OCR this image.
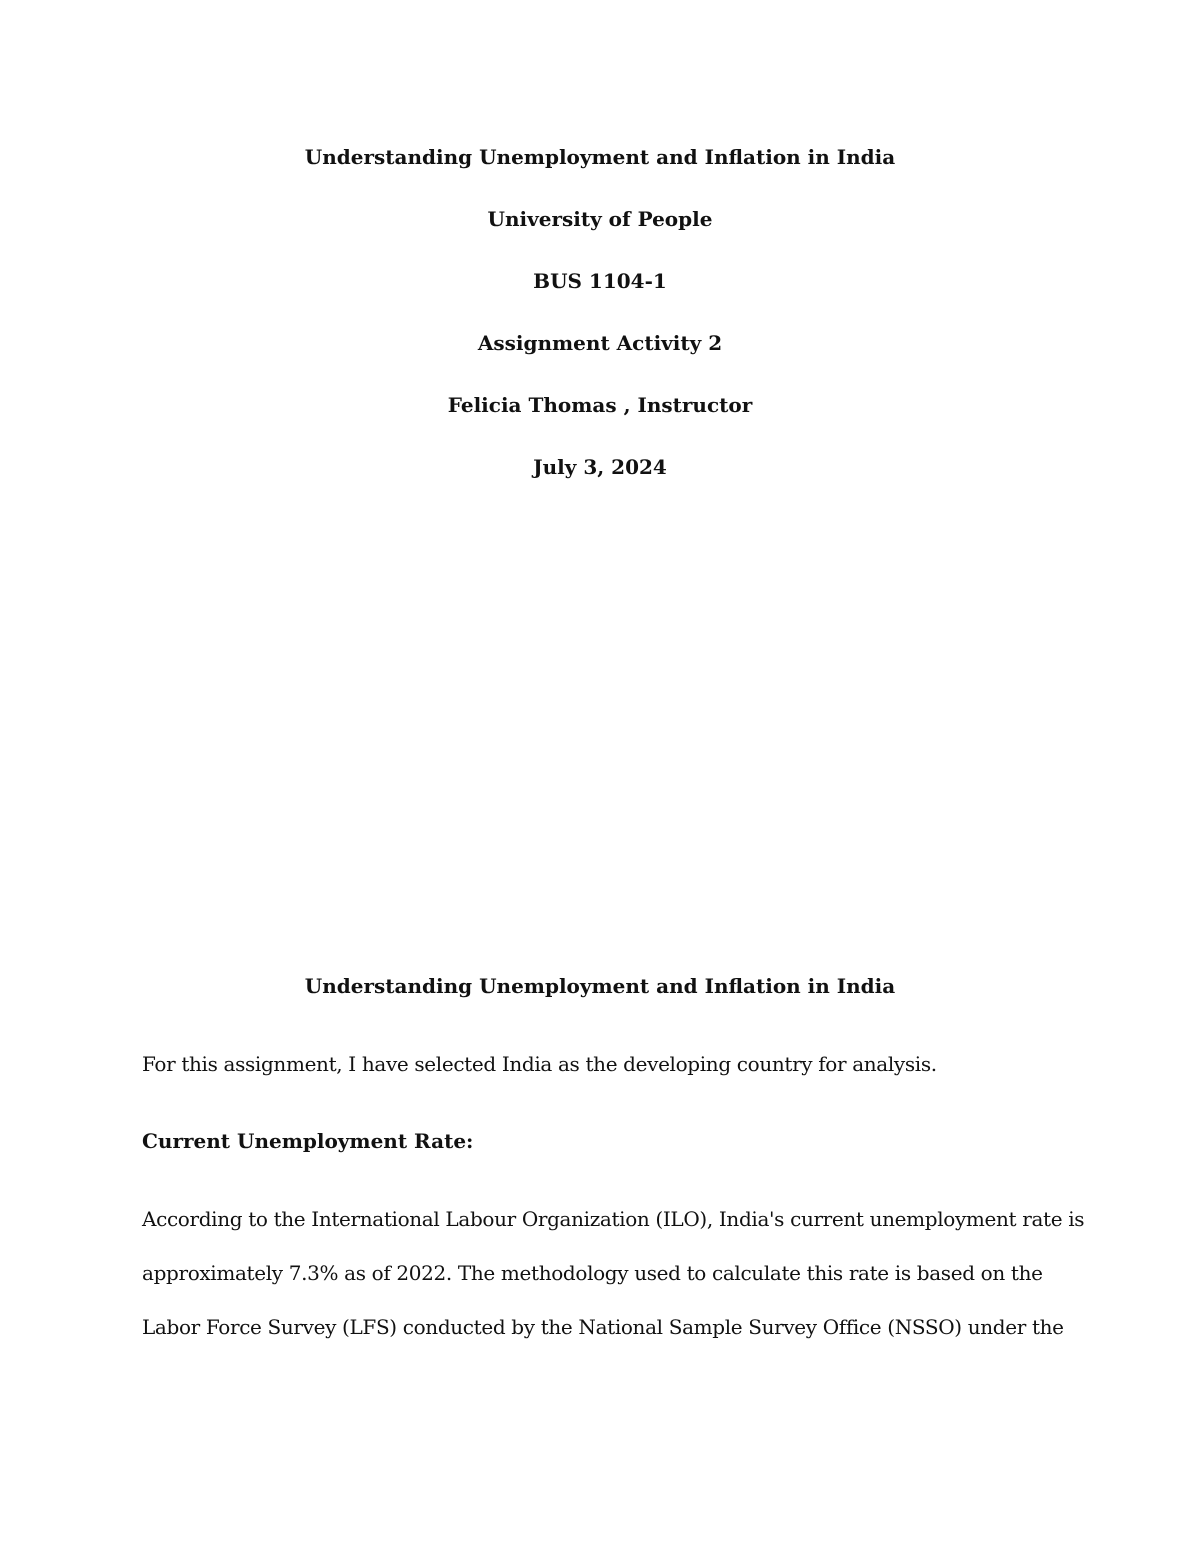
Understanding Unemployment and Inflation in India
University of People
BUS 1104-1
Assignment Activity 2
Felicia Thomas , Instructor
July 3, 2024
Understanding Unemployment and Inflation in India
For this assignment, I have selected India as the developing country for analysis.
Current Unemployment Rate:
According to the International Labour Organization (ILO), India's current unemployment rate is
approximately 7.3% as of 2022. The methodology used to calculate this rate is based on the
Labor Force Survey (LFS) conducted by the National Sample Survey Office (NSSO) under the
